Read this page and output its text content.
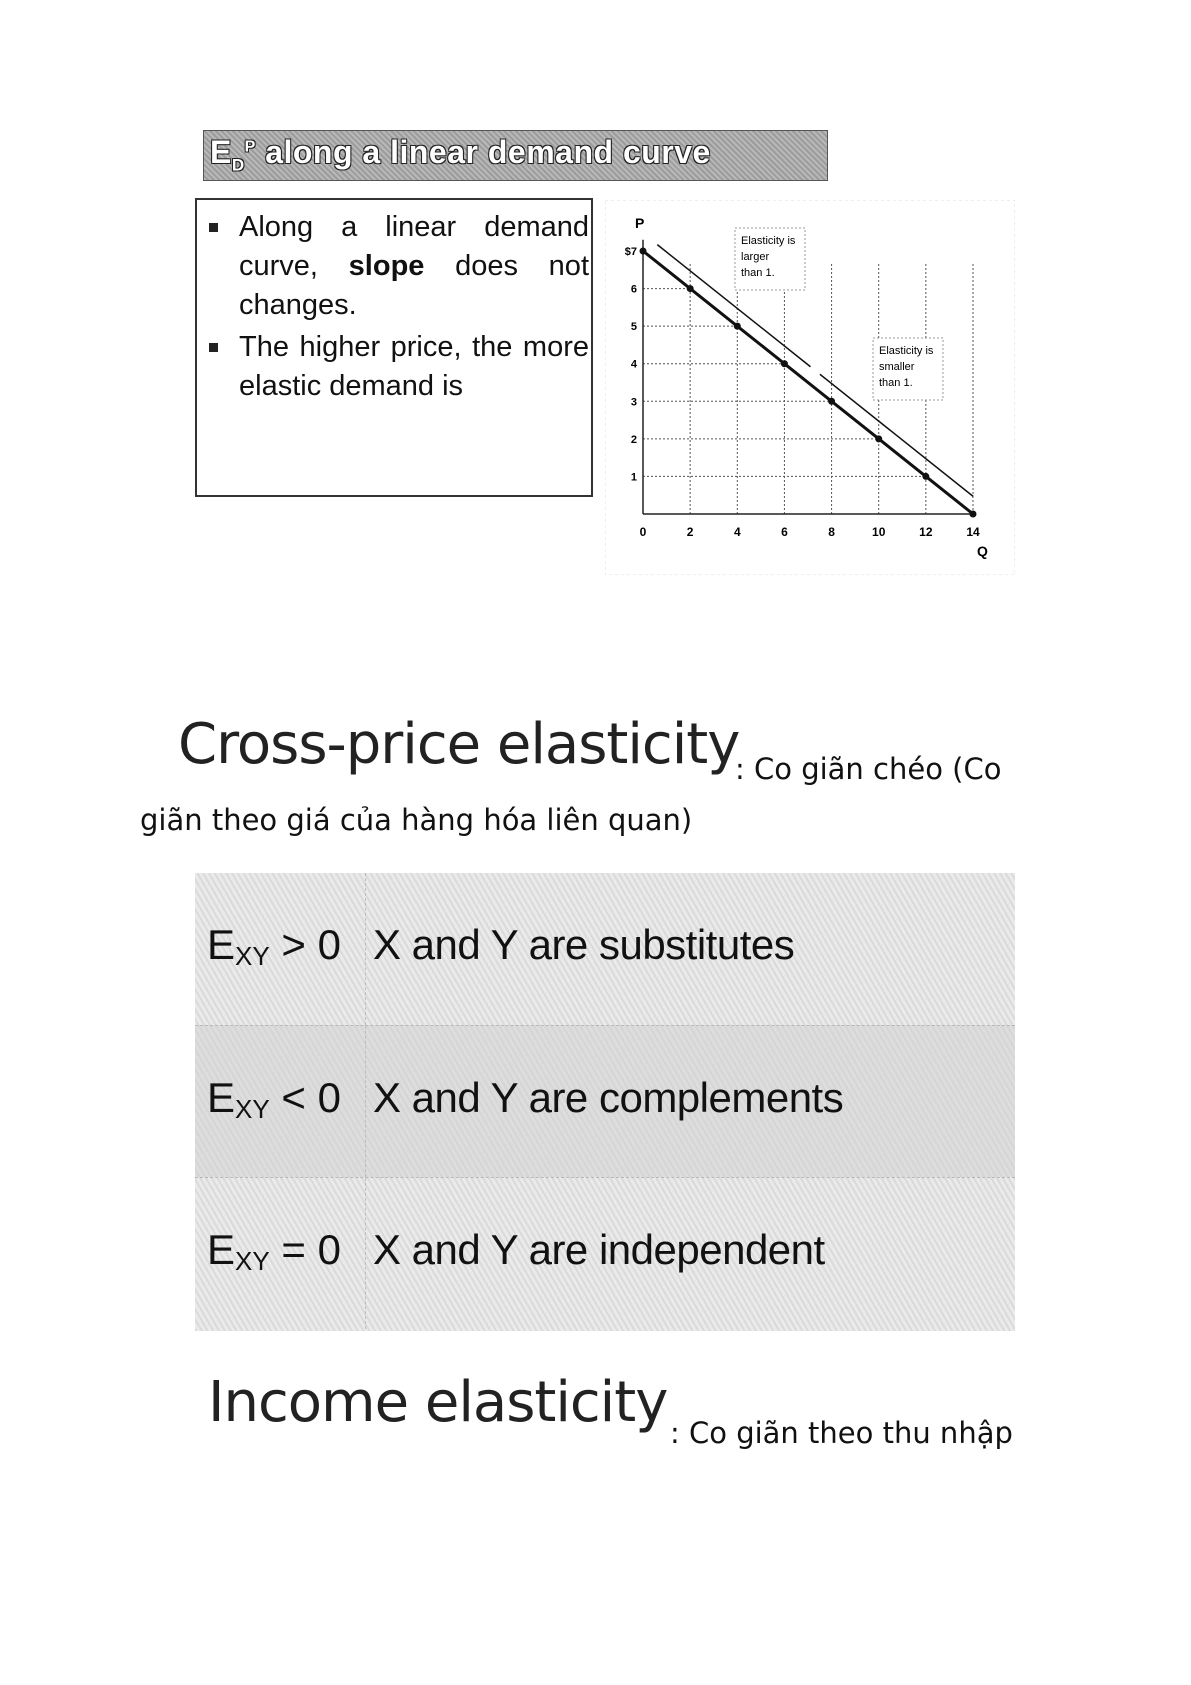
$E_D^P$ along a linear demand curve
Along a linear demand curve, slope does not changes.
The higher price, the more elastic demand is
0	2	4	6	8	10	12	14
1
2
3
4
5
6
$7
Elasticity is
larger
than 1.
Elasticity is
smaller
than 1.
P
Q
Cross-price elasticity
: Co giãn chéo (Co
giãn theo giá của hàng hóa liên quan)
$E_{XY} > 0$ X and Y are substitutes
$E_{XY} < 0$ X and Y are complements
$E_{XY} = 0$ X and Y are independent
Income elasticity : Co giãn theo thu nhập
